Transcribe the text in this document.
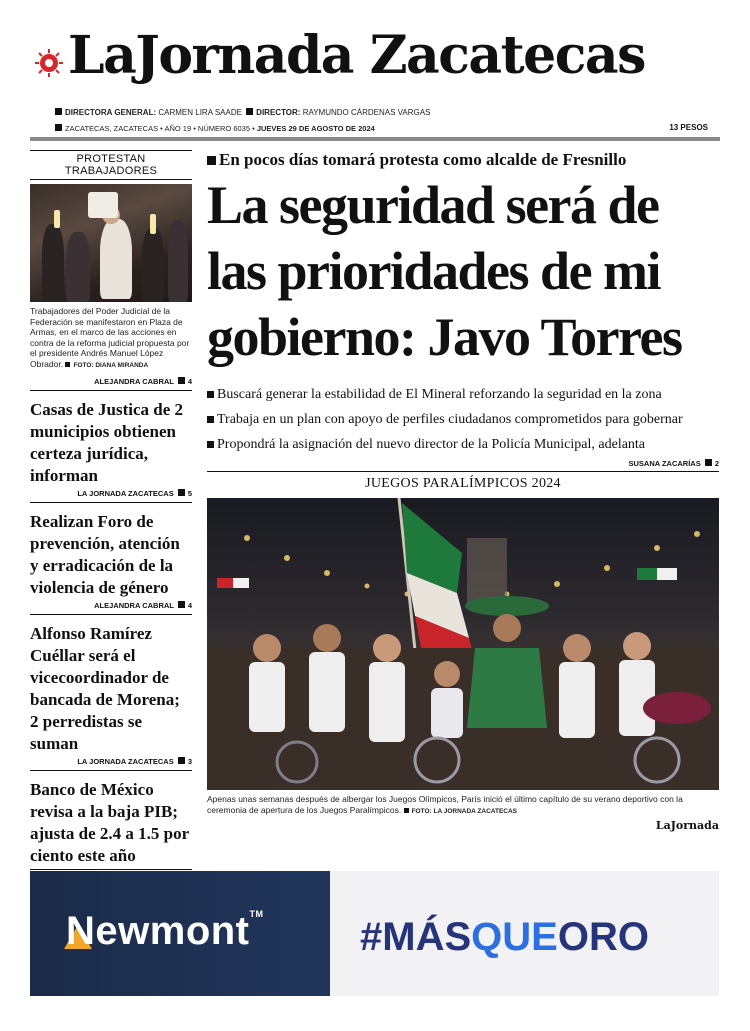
LaJornada Zacatecas
DIRECTORA GENERAL: CARMEN LIRA SAADE DIRECTOR: RAYMUNDO CÁRDENAS VARGAS
ZACATECAS, ZACATECAS • AÑO 19 • NÚMERO 6035 • JUEVES 29 DE AGOSTO DE 2024	13 PESOS
PROTESTAN TRABAJADORES
Trabajadores del Poder Judicial de la Federación se manifestaron en Plaza de Armas, en el marco de las acciones en contra de la reforma judicial propuesta por el presidente Andrés Manuel López Obrador. FOTO: DIANA MIRANDA
ALEJANDRA CABRAL 4
Casas de Justica de 2 municipios obtienen certeza jurídica, informan
LA JORNADA ZACATECAS 5
Realizan Foro de prevención, atención y erradicación de la violencia de género
ALEJANDRA CABRAL 4
Alfonso Ramírez Cuéllar será el vicecoordinador de bancada de Morena; 2 perredistas se suman
LA JORNADA ZACATECAS 3
Banco de México revisa a la baja PIB; ajusta de 2.4 a 1.5 por ciento este año
En pocos días tomará protesta como alcalde de Fresnillo
La seguridad será de las prioridades de mi gobierno: Javo Torres
Buscará generar la estabilidad de El Mineral reforzando la seguridad en la zona
Trabaja en un plan con apoyo de perfiles ciudadanos comprometidos para gobernar
Propondrá la asignación del nuevo director de la Policía Municipal, adelanta
SUSANA ZACARÍAS 2
JUEGOS PARALÍMPICOS 2024
Apenas unas semanas después de albergar los Juegos Olímpicos, París inició el último capítulo de su verano deportivo con la ceremonia de apertura de los Juegos Paralímpicos. FOTO: LA JORNADA ZACATECAS
LaJornada
Newmont™
#MÁSQUEORO
